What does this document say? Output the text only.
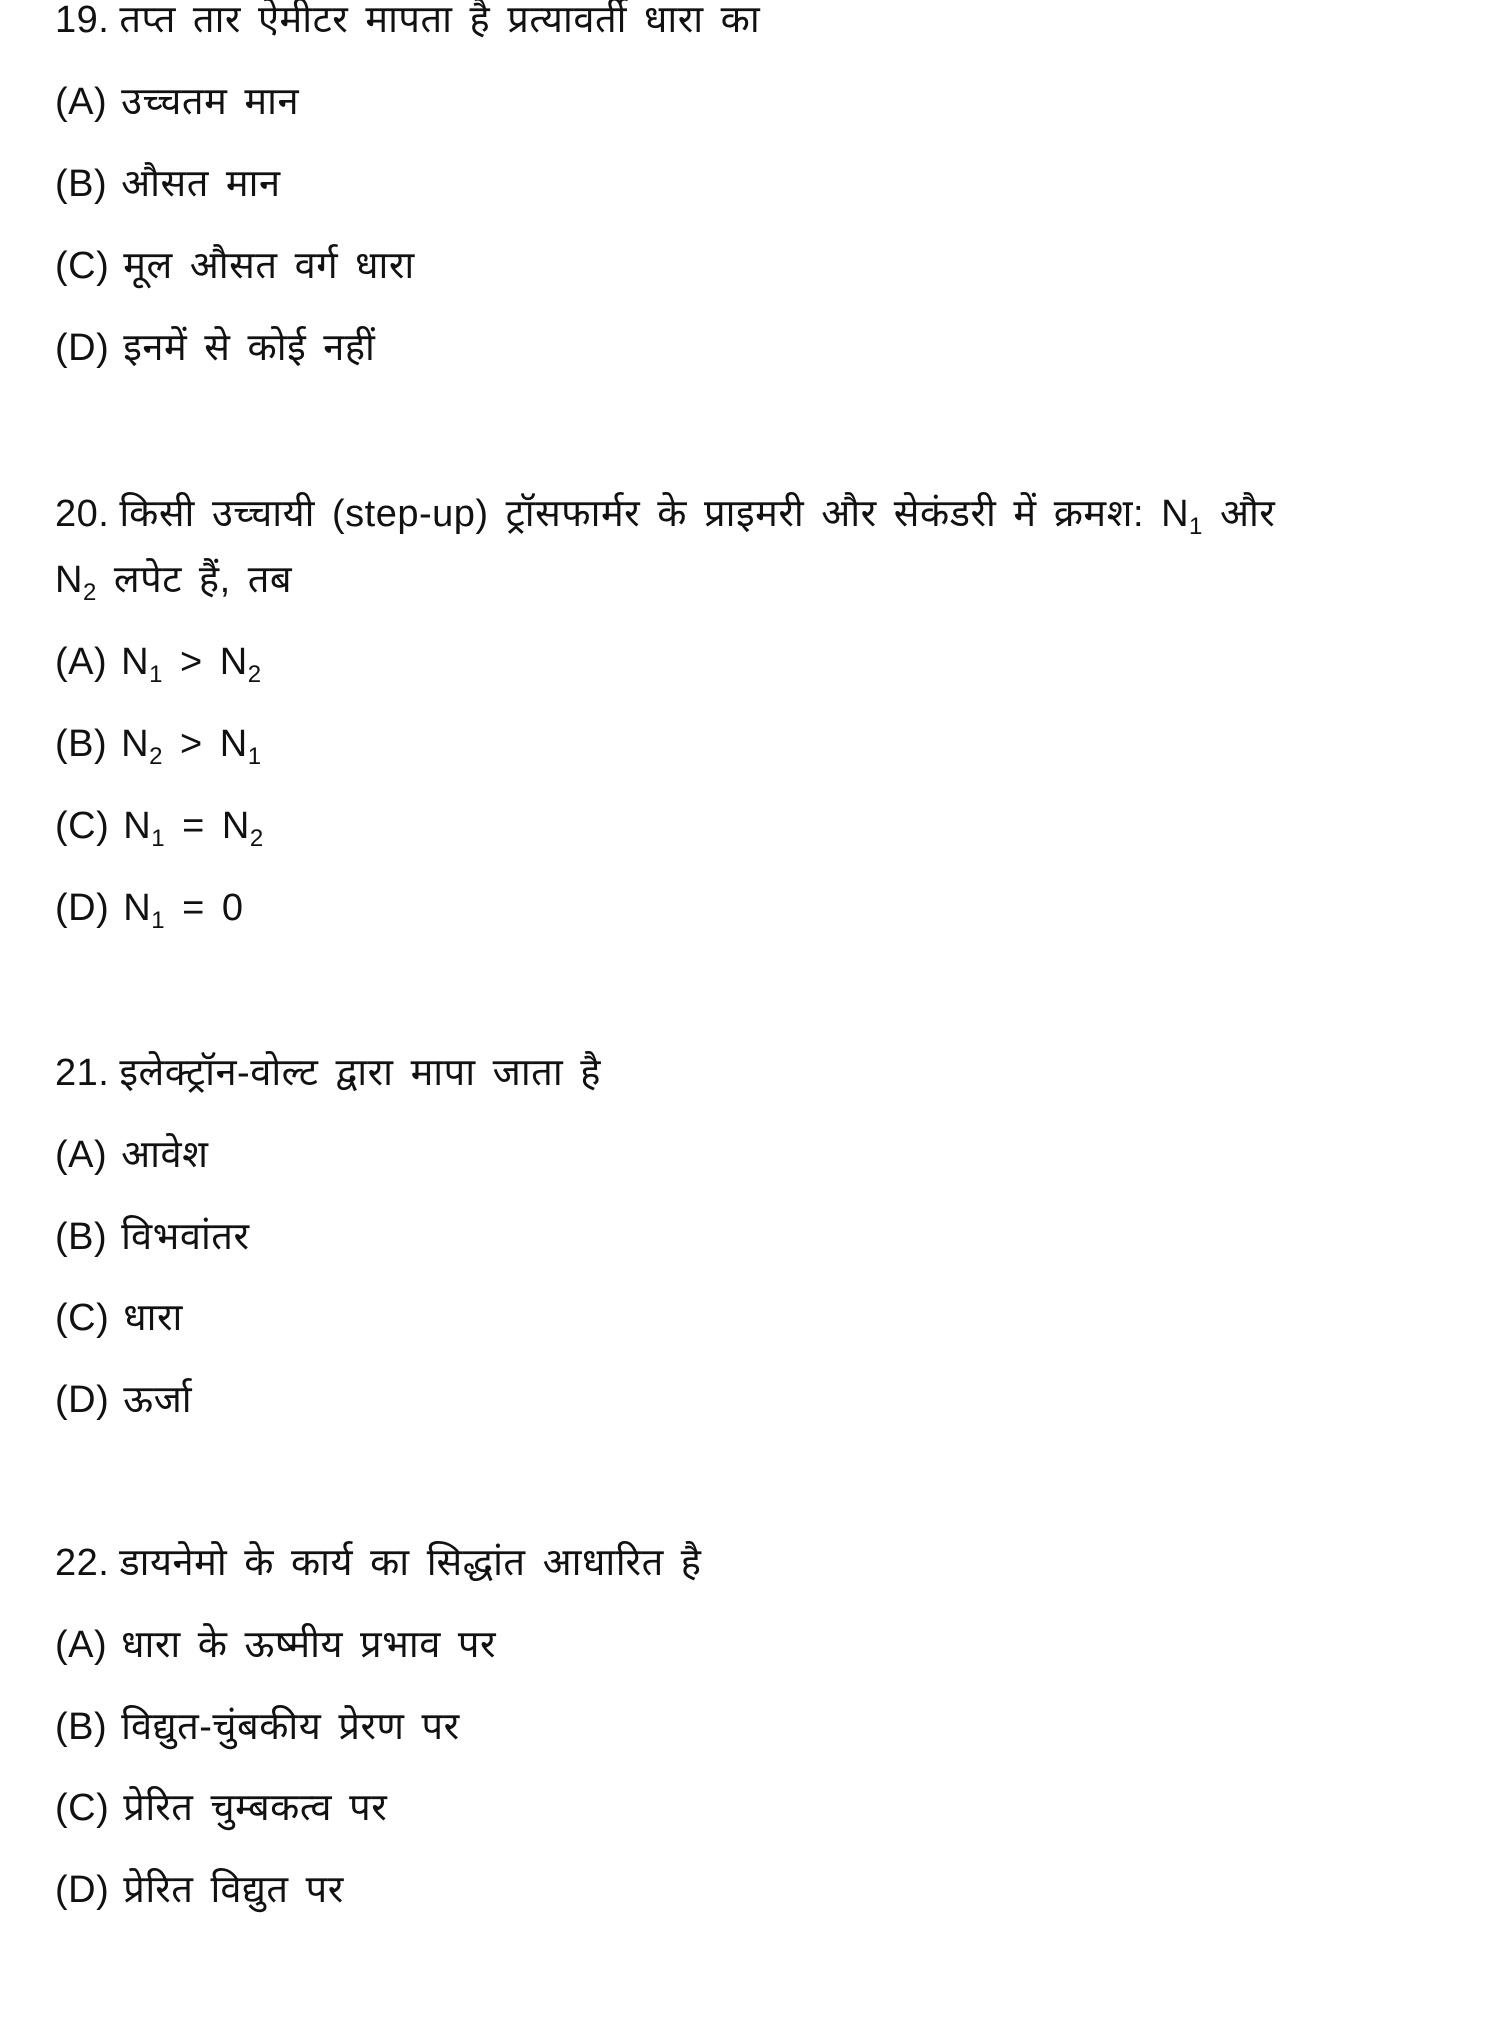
19. तप्त तार ऐमीटर मापता है प्रत्यावर्ती धारा का
(A) उच्चतम मान
(B) औसत मान
(C) मूल औसत वर्ग धारा
(D) इनमें से कोई नहीं
20. किसी उच्चायी (step-up) ट्रॉसफार्मर के प्राइमरी और सेकंडरी में क्रमश: $N_1$ और
$N_2$ लपेट हैं, तब
(A) $N_1 > N_2$
(B) $N_2 > N_1$
(C) $N_1 = N_2$
(D) $N_1 = 0$
21. इलेक्ट्रॉन-वोल्ट द्वारा मापा जाता है
(A) आवेश
(B) विभवांतर
(C) धारा
(D) ऊर्जा
22. डायनेमो के कार्य का सिद्धांत आधारित है
(A) धारा के ऊष्मीय प्रभाव पर
(B) विद्युत-चुंबकीय प्रेरण पर
(C) प्रेरित चुम्बकत्व पर
(D) प्रेरित विद्युत पर
